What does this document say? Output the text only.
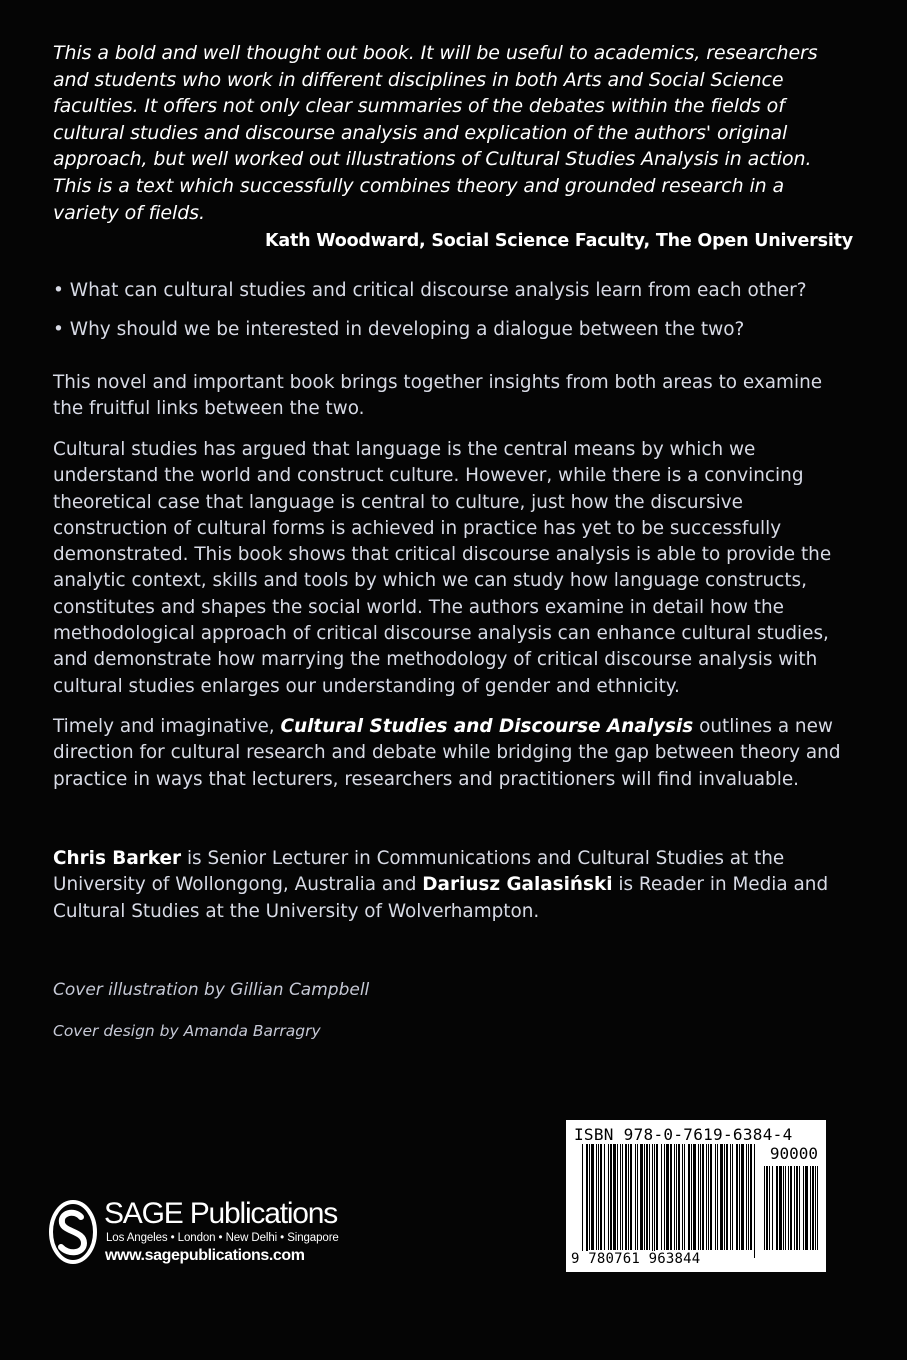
This a bold and well thought out book. It will be useful to academics, researchers and students who work in different disciplines in both Arts and Social Science faculties. It offers not only clear summaries of the debates within the fields of cultural studies and discourse analysis and explication of the authors' original approach, but well worked out illustrations of Cultural Studies Analysis in action. This is a text which successfully combines theory and grounded research in a variety of fields.
Kath Woodward, Social Science Faculty, The Open University
• What can cultural studies and critical discourse analysis learn from each other?
• Why should we be interested in developing a dialogue between the two?

This novel and important book brings together insights from both areas to examine the fruitful links between the two.

Cultural studies has argued that language is the central means by which we understand the world and construct culture. However, while there is a convincing theoretical case that language is central to culture, just how the discursive construction of cultural forms is achieved in practice has yet to be successfully demonstrated. This book shows that critical discourse analysis is able to provide the analytic context, skills and tools by which we can study how language constructs, constitutes and shapes the social world. The authors examine in detail how the methodological approach of critical discourse analysis can enhance cultural studies, and demonstrate how marrying the methodology of critical discourse analysis with cultural studies enlarges our understanding of gender and ethnicity.

Timely and imaginative, Cultural Studies and Discourse Analysis outlines a new direction for cultural research and debate while bridging the gap between theory and practice in ways that lecturers, researchers and practitioners will find invaluable.

Chris Barker is Senior Lecturer in Communications and Cultural Studies at the University of Wollongong, Australia and Dariusz Galasiński is Reader in Media and Cultural Studies at the University of Wolverhampton.

Cover illustration by Gillian Campbell
Cover design by Amanda Barragry
SAGE Publications
Los Angeles • London • New Delhi • Singapore
www.sagepublications.com
ISBN 978-0-7619-6384-4
90000
9 780761 963844
